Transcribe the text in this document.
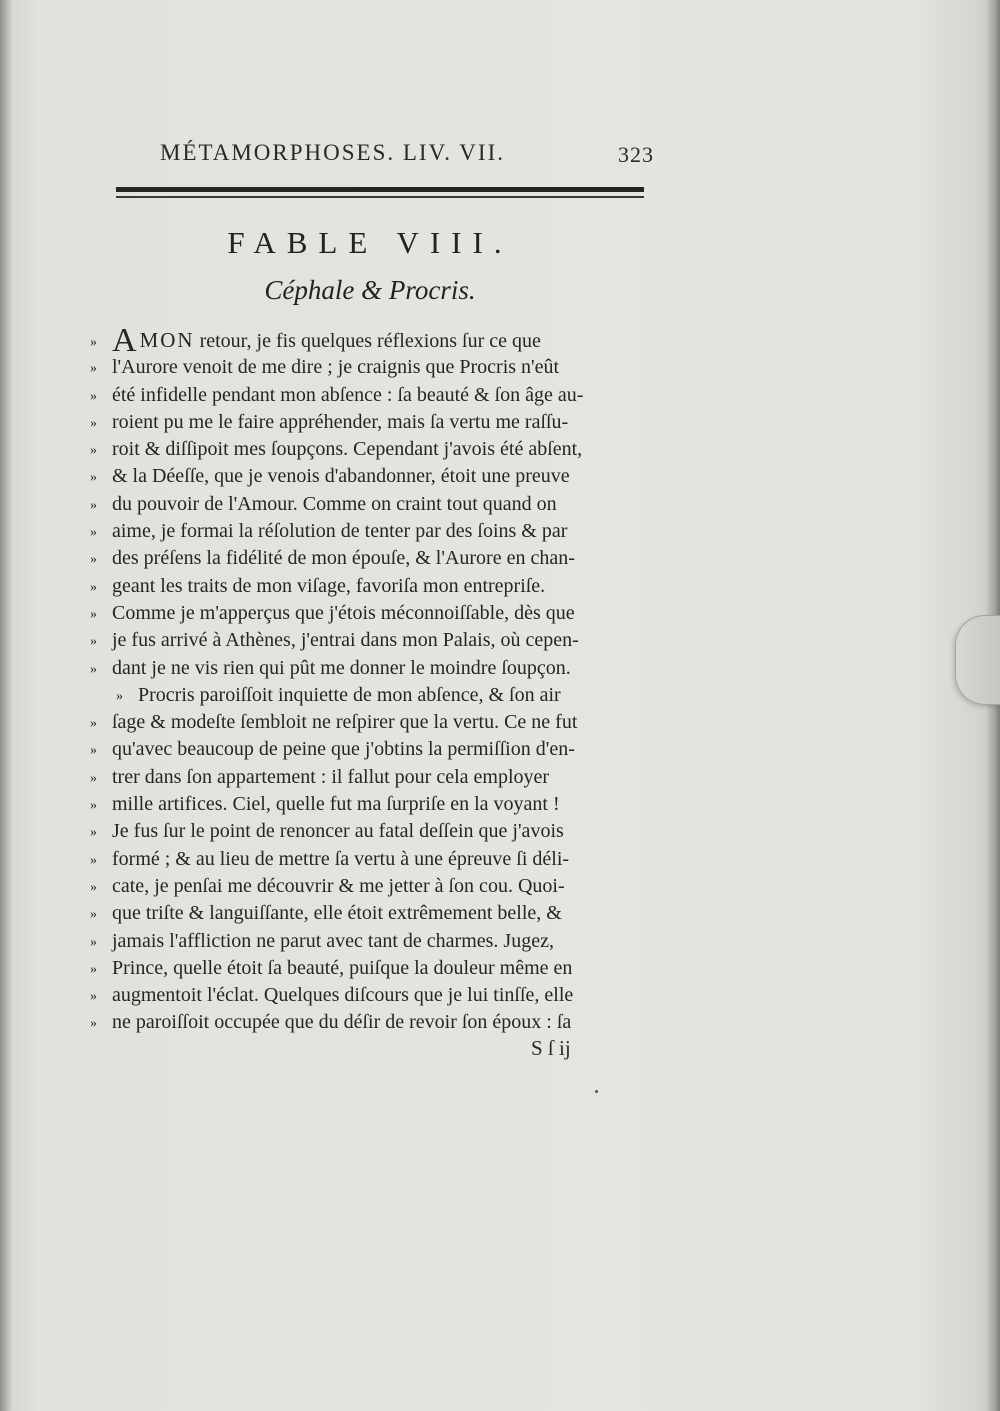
MÉTAMORPHOSES. LIV. VII.	323
FABLE VIII.
Céphale & Procris.
» A MON retour, je fis quelques réflexions ſur ce que
» l'Aurore venoit de me dire ; je craignis que Procris n'eût
» été infidelle pendant mon abſence : ſa beauté & ſon âge au-
» roient pu me le faire appréhender, mais ſa vertu me raſſu-
» roit & diſſipoit mes ſoupçons. Cependant j'avois été abſent,
» & la Déeſſe, que je venois d'abandonner, étoit une preuve
» du pouvoir de l'Amour. Comme on craint tout quand on
» aime, je formai la réſolution de tenter par des ſoins & par
» des préſens la fidélité de mon épouſe, & l'Aurore en chan-
» geant les traits de mon viſage, favoriſa mon entrepriſe.
» Comme je m'apperçus que j'étois méconnoiſſable, dès que
» je fus arrivé à Athènes, j'entrai dans mon Palais, où cepen-
» dant je ne vis rien qui pût me donner le moindre ſoupçon.
» Procris paroiſſoit inquiette de mon abſence, & ſon air
» ſage & modeſte ſembloit ne reſpirer que la vertu. Ce ne fut
» qu'avec beaucoup de peine que j'obtins la permiſſion d'en-
» trer dans ſon appartement : il fallut pour cela employer
» mille artifices. Ciel, quelle fut ma ſurpriſe en la voyant !
» Je fus ſur le point de renoncer au fatal deſſein que j'avois
» formé ; & au lieu de mettre ſa vertu à une épreuve ſi déli-
» cate, je penſai me découvrir & me jetter à ſon cou. Quoi-
» que triſte & languiſſante, elle étoit extrêmement belle, &
» jamais l'affliction ne parut avec tant de charmes. Jugez,
» Prince, quelle étoit ſa beauté, puiſque la douleur même en
» augmentoit l'éclat. Quelques diſcours que je lui tinſſe, elle
» ne paroiſſoit occupée que du déſir de revoir ſon époux : ſa
S ſ ij
